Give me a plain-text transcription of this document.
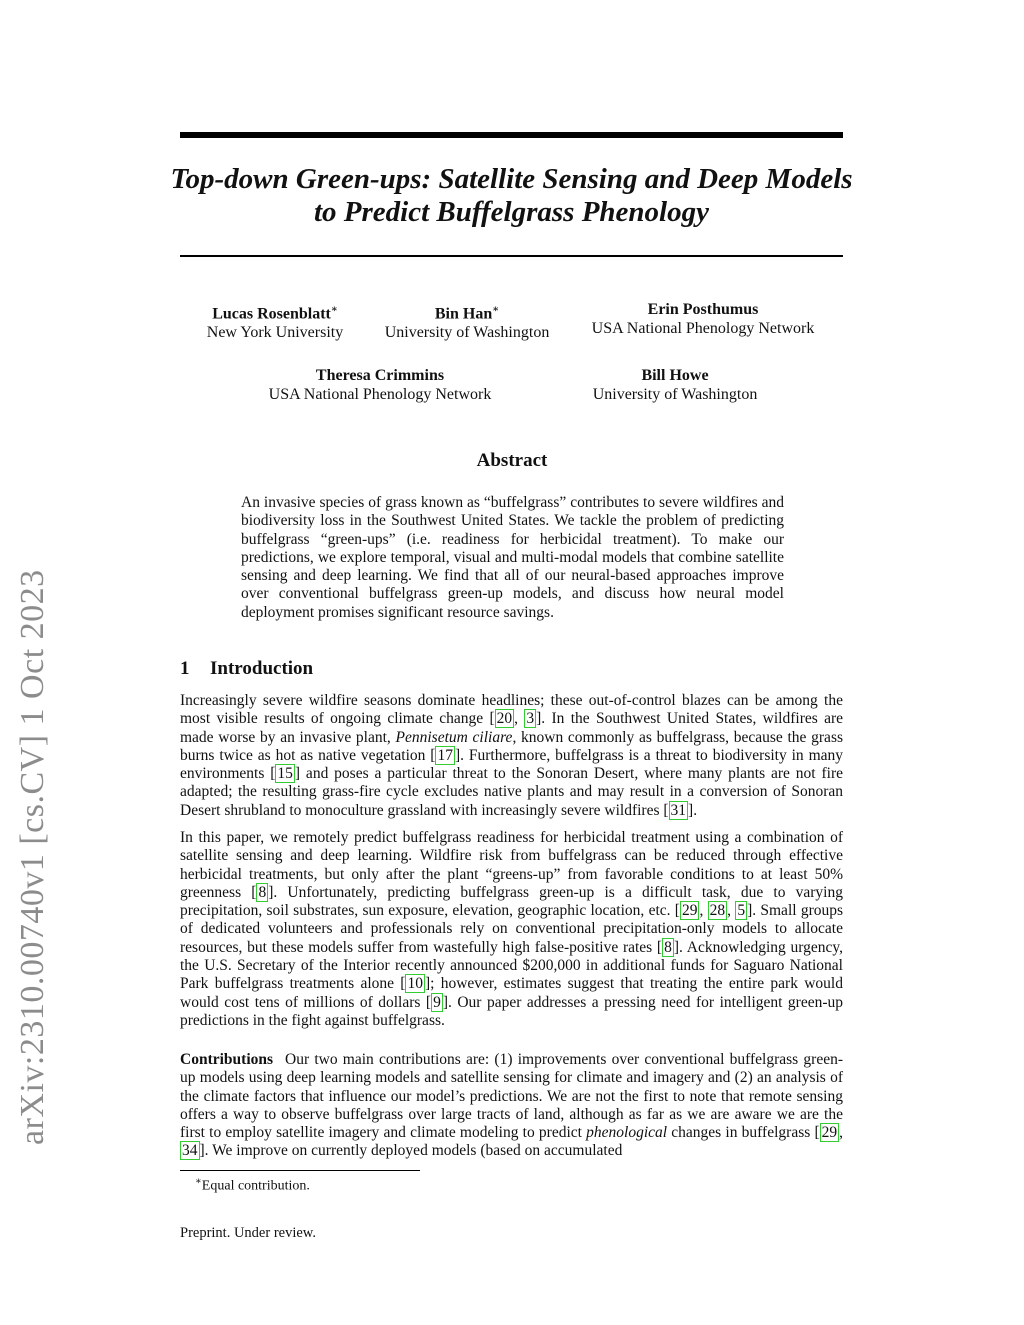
arXiv:2310.00740v1 [cs.CV] 1 Oct 2023
Top-down Green-ups: Satellite Sensing and Deep Models
to Predict Buffelgrass Phenology
Lucas Rosenblatt∗
New York University
Bin Han∗
University of Washington
Erin Posthumus
USA National Phenology Network
Theresa Crimmins
USA National Phenology Network
Bill Howe
University of Washington
Abstract

An invasive species of grass known as “buffelgrass” contributes to severe wildfires and biodiversity loss in the Southwest United States. We tackle the problem of predicting buffelgrass “green-ups” (i.e. readiness for herbicidal treatment). To make our predictions, we explore temporal, visual and multi-modal models that combine satellite sensing and deep learning. We find that all of our neural-based approaches improve over conventional buffelgrass green-up models, and discuss how neural model deployment promises significant resource savings.

1 Introduction

Increasingly severe wildfire seasons dominate headlines; these out-of-control blazes can be among the most visible results of ongoing climate change [ 20 , 3 ]. In the Southwest United States, wildfires are made worse by an invasive plant, Pennisetum ciliare, known commonly as buffelgrass, because the grass burns twice as hot as native vegetation [ 17 ]. Furthermore, buffelgrass is a threat to biodiversity in many environments [ 15 ] and poses a particular threat to the Sonoran Desert, where many plants are not fire adapted; the resulting grass-fire cycle excludes native plants and may result in a conversion of Sonoran Desert shrubland to monoculture grassland with increasingly severe wildfires [ 31 ].

In this paper, we remotely predict buffelgrass readiness for herbicidal treatment using a combination of satellite sensing and deep learning. Wildfire risk from buffelgrass can be reduced through effective herbicidal treatments, but only after the plant “greens-up” from favorable conditions to at least 50% greenness [ 8 ]. Unfortunately, predicting buffelgrass green-up is a difficult task, due to varying precipitation, soil substrates, sun exposure, elevation, geographic location, etc. [ 29 , 28 , 5 ]. Small groups of dedicated volunteers and professionals rely on conventional precipitation-only models to allocate resources, but these models suffer from wastefully high false-positive rates [ 8 ]. Acknowledging urgency, the U.S. Secretary of the Interior recently announced $200,000 in additional funds for Saguaro National Park buffelgrass treatments alone [ 10 ]; however, estimates suggest that treating the entire park would would cost tens of millions of dollars [ 9 ]. Our paper addresses a pressing need for intelligent green-up predictions in the fight against buffelgrass.

Contributions Our two main contributions are: (1) improvements over conventional buffelgrass green-up models using deep learning models and satellite sensing for climate and imagery and (2) an analysis of the climate factors that influence our model’s predictions. We are not the first to note that remote sensing offers a way to observe buffelgrass over large tracts of land, although as far as we are aware we are the first to employ satellite imagery and climate modeling to predict phenological changes in buffelgrass [ 29 , 34 ]. We improve on currently deployed models (based on accumulated

∗Equal contribution.

Preprint. Under review.
